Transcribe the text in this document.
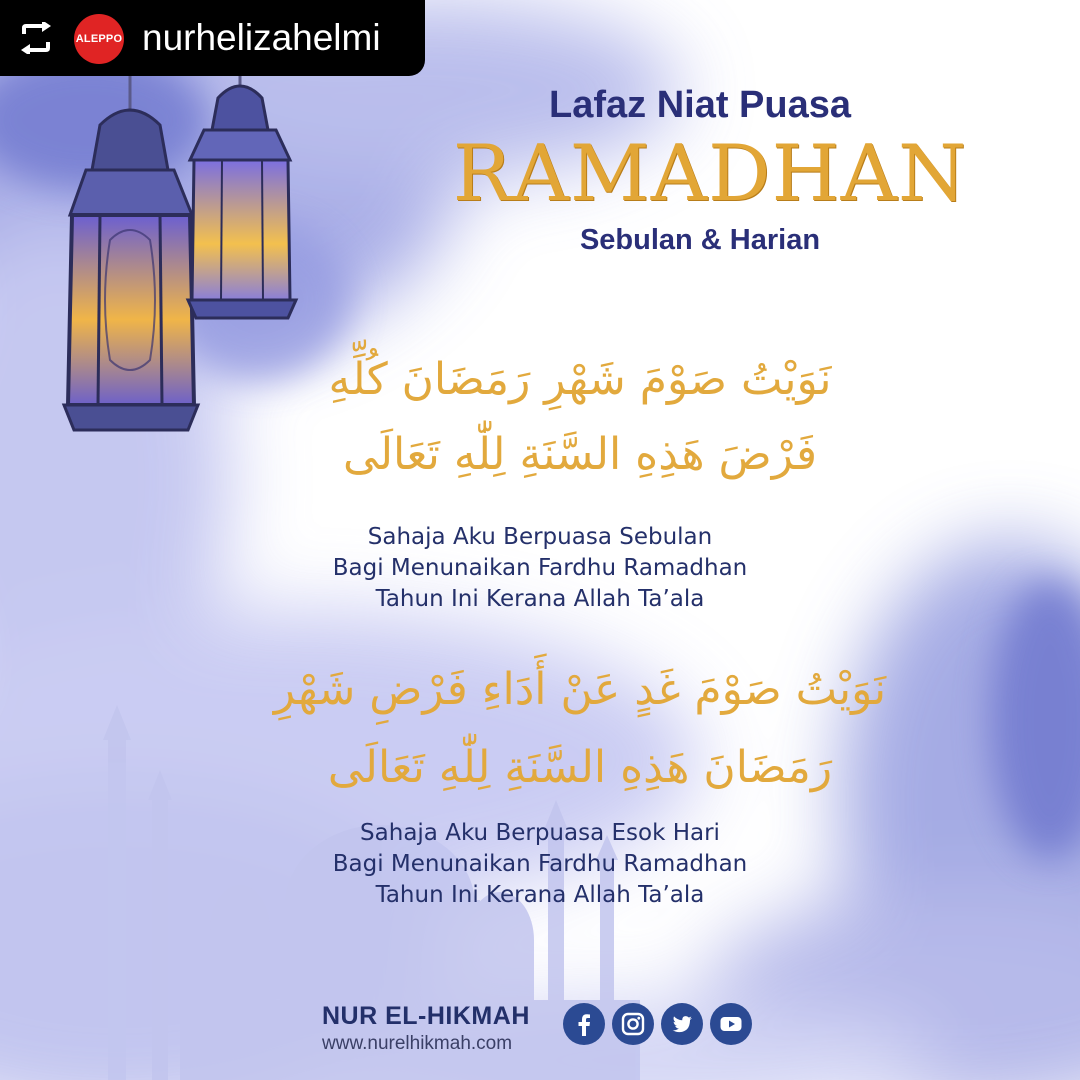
ALEPPO nurhelizahelmi
Lafaz Niat Puasa
RAMADHAN
Sebulan & Harian
نَوَيْتُ صَوْمَ شَهْرِ رَمَضَانَ كُلِّهِ
فَرْضَ هَذِهِ السَّنَةِ لِلّٰهِ تَعَالَى
Sahaja Aku Berpuasa Sebulan
Bagi Menunaikan Fardhu Ramadhan
Tahun Ini Kerana Allah Ta’ala
نَوَيْتُ صَوْمَ غَدٍ عَنْ أَدَاءِ فَرْضِ شَهْرِ
رَمَضَانَ هَذِهِ السَّنَةِ لِلّٰهِ تَعَالَى
Sahaja Aku Berpuasa Esok Hari
Bagi Menunaikan Fardhu Ramadhan
Tahun Ini Kerana Allah Ta’ala
NUR EL-HIKMAH
www.nurelhikmah.com
